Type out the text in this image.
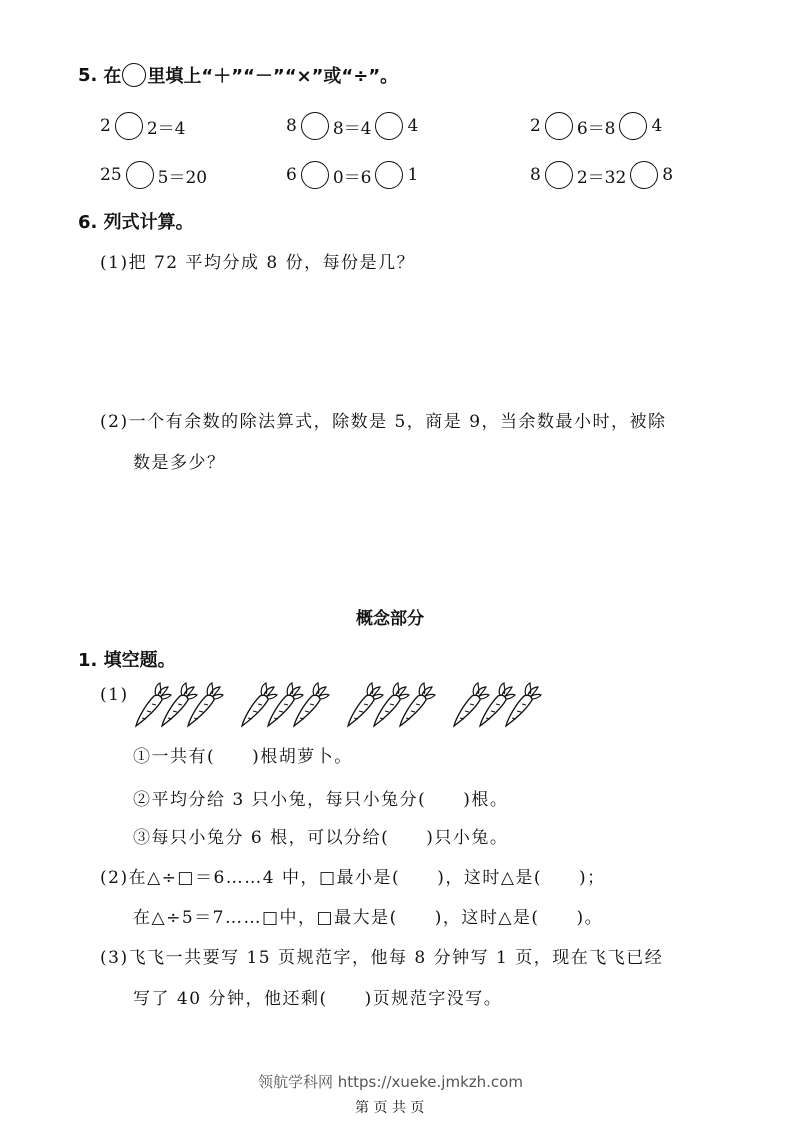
5. 在 里填上“＋”“－”“×”或“÷”。
2 2＝4	8 8＝4 4	2 6＝8 4
25 5＝20	6 0＝6 1	8 2＝32 8
6. 列式计算。
(1)把 72 平均分成 8 份，每份是几？
(2)一个有余数的除法算式，除数是 5，商是 9，当余数最小时，被除
数是多少？
概念部分
1. 填空题。
(1)
①一共有(　　)根胡萝卜。
②平均分给 3 只小兔，每只小兔分(　　)根。
③每只小兔分 6 根，可以分给(　　)只小兔。
(2)在△÷□＝6……4 中，□最小是(　　)，这时△是(　　)；
在△÷5＝7……□中，□最大是(　　)，这时△是(　　)。
(3)飞飞一共要写 15 页规范字，他每 8 分钟写 1 页，现在飞飞已经
写了 40 分钟，他还剩(　　)页规范字没写。
领航学科网 https://xueke.jmkzh.com
第 页 共 页
